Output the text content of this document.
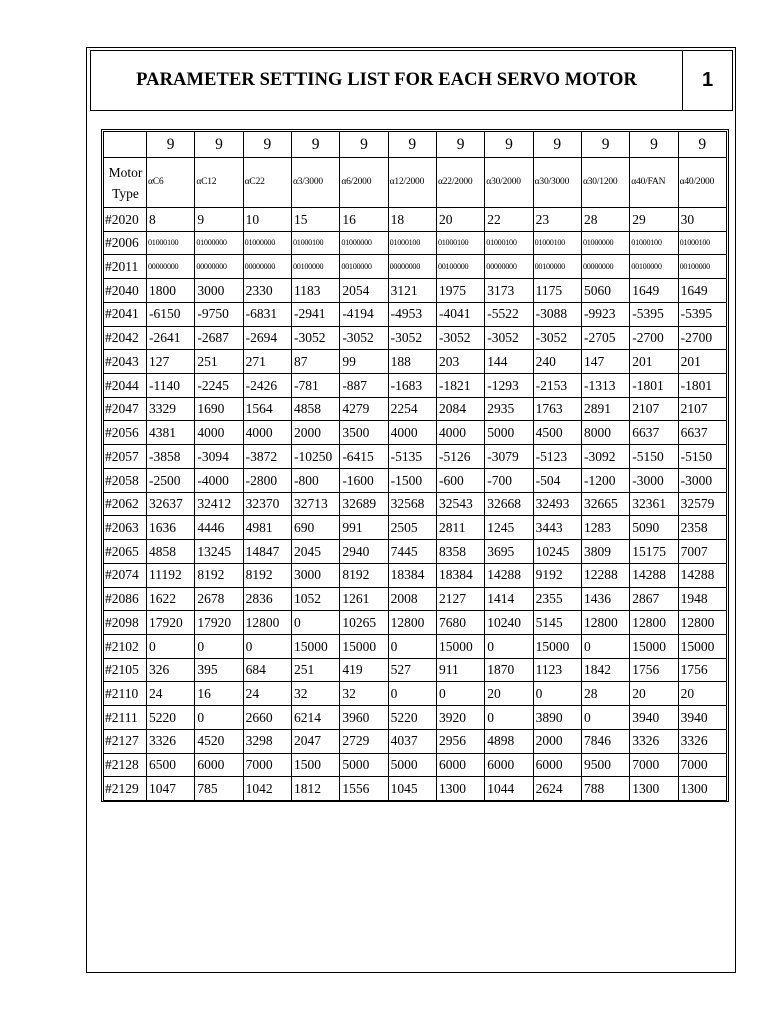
PARAMETER SETTING LIST FOR EACH SERVO MOTOR	1
	9	9	9	9	9	9	9	9	9	9	9	9

Motor
Type	αC6	αC12	αC22	α3/3000	α6/2000	α12/2000	α22/2000	α30/2000	α30/3000	α30/1200	α40/FAN	α40/2000
#2020	8	9	10	15	16	18	20	22	23	28	29	30
#2006	01000100	01000000	01000000	01000100	01000000	01000100	01000100	01000100	01000100	01000000	01000100	01000100
#2011	00000000	00000000	00000000	00100000	00100000	00000000	00100000	00000000	00100000	00000000	00100000	00100000
#2040	1800	3000	2330	1183	2054	3121	1975	3173	1175	5060	1649	1649
#2041	-6150	-9750	-6831	-2941	-4194	-4953	-4041	-5522	-3088	-9923	-5395	-5395
#2042	-2641	-2687	-2694	-3052	-3052	-3052	-3052	-3052	-3052	-2705	-2700	-2700
#2043	127	251	271	87	99	188	203	144	240	147	201	201
#2044	-1140	-2245	-2426	-781	-887	-1683	-1821	-1293	-2153	-1313	-1801	-1801
#2047	3329	1690	1564	4858	4279	2254	2084	2935	1763	2891	2107	2107
#2056	4381	4000	4000	2000	3500	4000	4000	5000	4500	8000	6637	6637
#2057	-3858	-3094	-3872	-10250	-6415	-5135	-5126	-3079	-5123	-3092	-5150	-5150
#2058	-2500	-4000	-2800	-800	-1600	-1500	-600	-700	-504	-1200	-3000	-3000
#2062	32637	32412	32370	32713	32689	32568	32543	32668	32493	32665	32361	32579
#2063	1636	4446	4981	690	991	2505	2811	1245	3443	1283	5090	2358
#2065	4858	13245	14847	2045	2940	7445	8358	3695	10245	3809	15175	7007
#2074	11192	8192	8192	3000	8192	18384	18384	14288	9192	12288	14288	14288
#2086	1622	2678	2836	1052	1261	2008	2127	1414	2355	1436	2867	1948
#2098	17920	17920	12800	0	10265	12800	7680	10240	5145	12800	12800	12800
#2102	0	0	0	15000	15000	0	15000	0	15000	0	15000	15000
#2105	326	395	684	251	419	527	911	1870	1123	1842	1756	1756
#2110	24	16	24	32	32	0	0	20	0	28	20	20
#2111	5220	0	2660	6214	3960	5220	3920	0	3890	0	3940	3940
#2127	3326	4520	3298	2047	2729	4037	2956	4898	2000	7846	3326	3326
#2128	6500	6000	7000	1500	5000	5000	6000	6000	6000	9500	7000	7000
#2129	1047	785	1042	1812	1556	1045	1300	1044	2624	788	1300	1300
